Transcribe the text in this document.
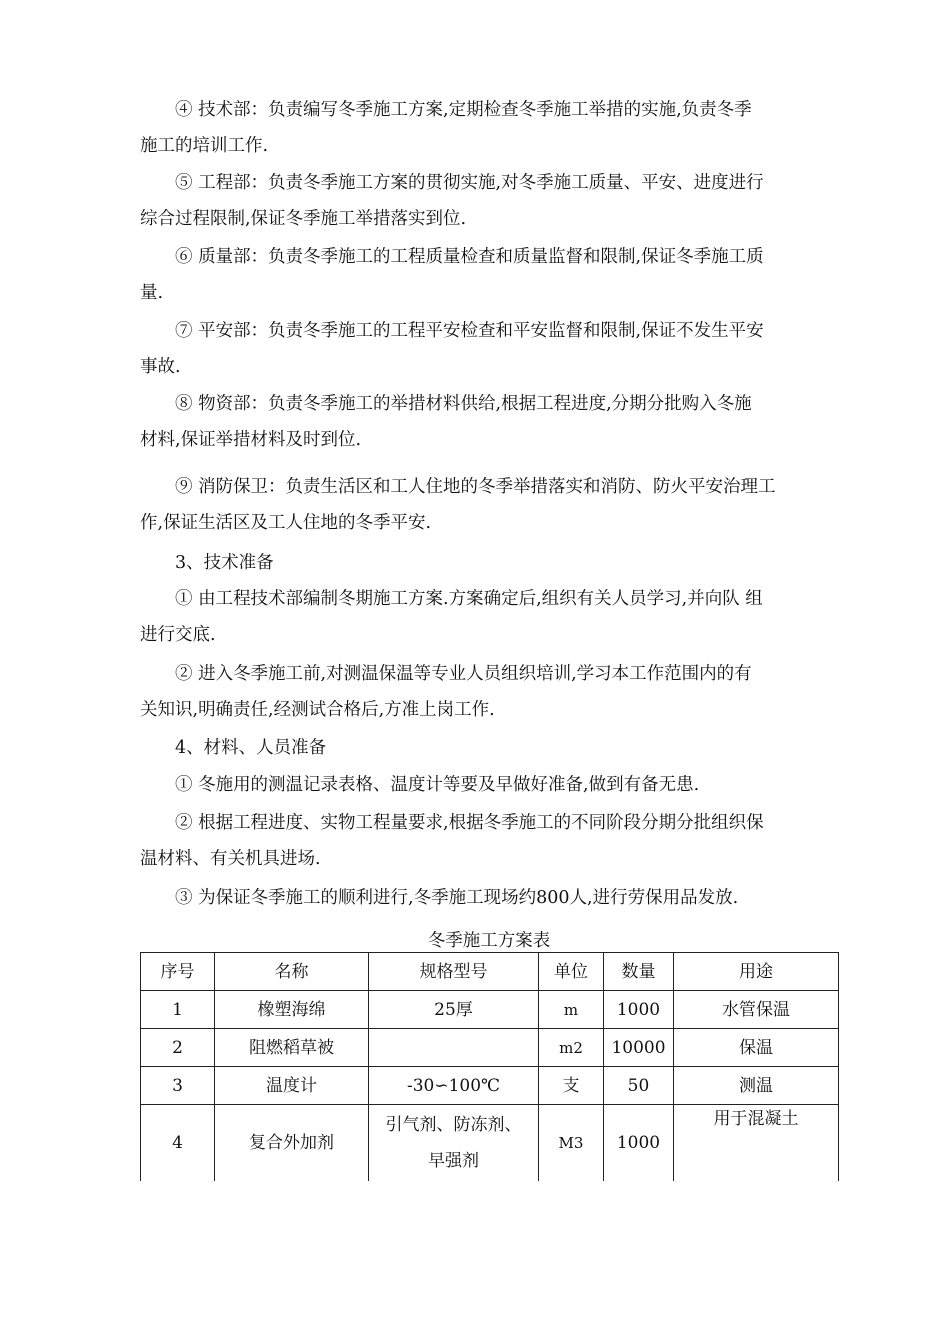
④ 技术部：负责编写冬季施工方案,定期检查冬季施工举措的实施,负责冬季
施工的培训工作.
⑤ 工程部：负责冬季施工方案的贯彻实施,对冬季施工质量、平安、进度进行
综合过程限制,保证冬季施工举措落实到位.
⑥ 质量部：负责冬季施工的工程质量检查和质量监督和限制,保证冬季施工质
量.
⑦ 平安部：负责冬季施工的工程平安检查和平安监督和限制,保证不发生平安
事故.
⑧ 物资部：负责冬季施工的举措材料供给,根据工程进度,分期分批购入冬施
材料,保证举措材料及时到位.
⑨ 消防保卫：负责生活区和工人住地的冬季举措落实和消防、防火平安治理工
作,保证生活区及工人住地的冬季平安.
3、技术准备
① 由工程技术部编制冬期施工方案.方案确定后,组织有关人员学习,并向队 组
进行交底.
② 进入冬季施工前,对测温保温等专业人员组织培训,学习本工作范围内的有
关知识,明确责任,经测试合格后,方准上岗工作.
4、材料、人员准备
① 冬施用的测温记录表格、温度计等要及早做好准备,做到有备无患.
② 根据工程进度、实物工程量要求,根据冬季施工的不同阶段分期分批组织保
温材料、有关机具进场.
③ 为保证冬季施工的顺利进行,冬季施工现场约800人,进行劳保用品发放.
冬季施工方案表
序号	名称	规格型号	单位	数量	用途
1	橡塑海绵	25厚	m	1000	水管保温
2	阻燃稻草被		m2	10000	保温
3	温度计	-30∽100℃	支	50	测温
4	复合外加剂	引气剂、防冻剂、
早强剂	M3	1000	用于混凝土
